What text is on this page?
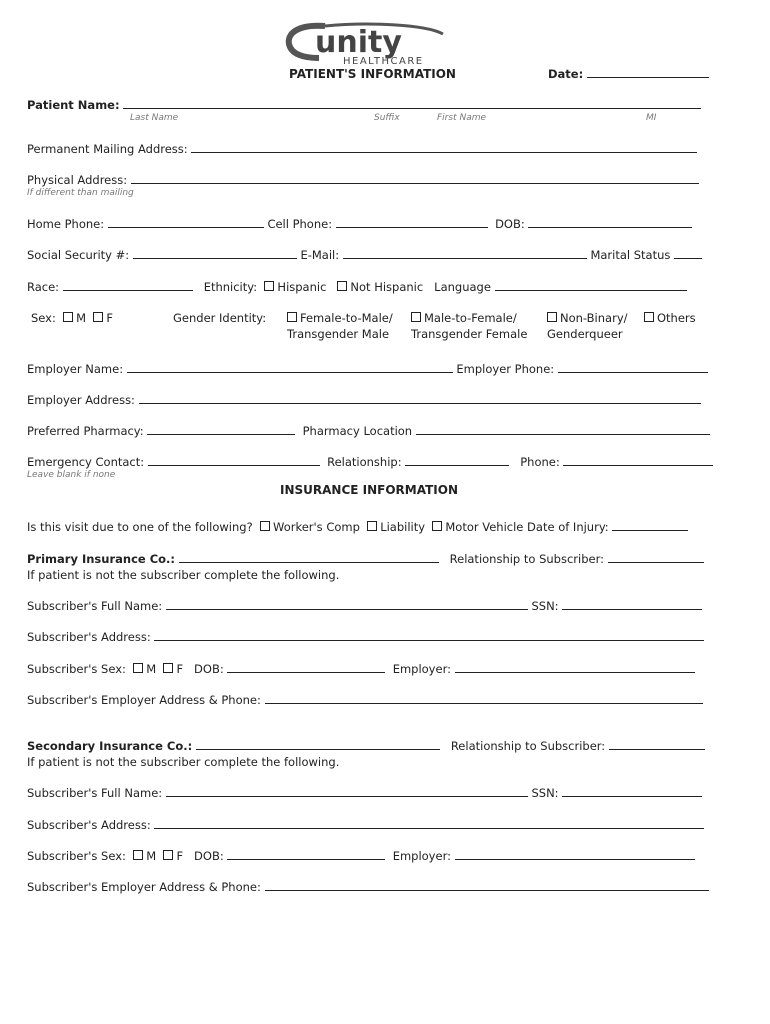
unity
HEALTHCARE
PATIENT'S INFORMATION	Date:
Patient Name:
Last Name	Suffix	First Name	MI
Permanent Mailing Address:
Physical Address:
If different than mailing
Home Phone:	Cell Phone:	DOB:
Social Security #:	E-Mail:	Marital Status
Race:	Ethnicity: Hispanic Not Hispanic Language
Sex: M F	Gender Identity:	Female-to-Male/
Transgender Male
Male-to-Female/
Transgender Female
Non-Binary/
Genderqueer
Others
Employer Name:	Employer Phone:
Employer Address:
Preferred Pharmacy:	Pharmacy Location
Emergency Contact:	Relationship:	Phone:
Leave blank if none
INSURANCE INFORMATION
Is this visit due to one of the following? Worker's Comp Liability Motor Vehicle Date of Injury:
Primary Insurance Co.:	Relationship to Subscriber:
If patient is not the subscriber complete the following.
Subscriber's Full Name:	SSN:
Subscriber's Address:
Subscriber's Sex: M F DOB:	Employer:
Subscriber's Employer Address & Phone:
Secondary Insurance Co.:	Relationship to Subscriber:
If patient is not the subscriber complete the following.
Subscriber's Full Name:	SSN:
Subscriber's Address:
Subscriber's Sex: M F DOB:	Employer:
Subscriber's Employer Address & Phone:
